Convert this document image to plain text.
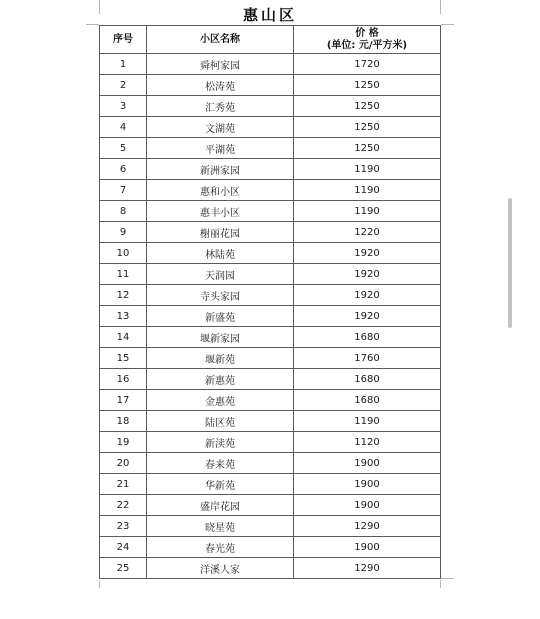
惠山区
序号	小区名称	价 格
(单位: 元/平方米)

1	舜柯家园	1720
2	松涛苑	1250
3	汇秀苑	1250
4	文湖苑	1250
5	平湖苑	1250
6	新洲家园	1190
7	惠和小区	1190
8	惠丰小区	1190
9	榭丽花园	1220
10	林陆苑	1920
11	天润园	1920
12	寺头家园	1920
13	新盛苑	1920
14	堰新家园	1680
15	堰新苑	1760
16	新惠苑	1680
17	金惠苑	1680
18	陆区苑	1190
19	新渎苑	1120
20	春来苑	1900
21	华新苑	1900
22	盛岸花园	1900
23	晓星苑	1290
24	春光苑	1900
25	洋溪人家	1290
